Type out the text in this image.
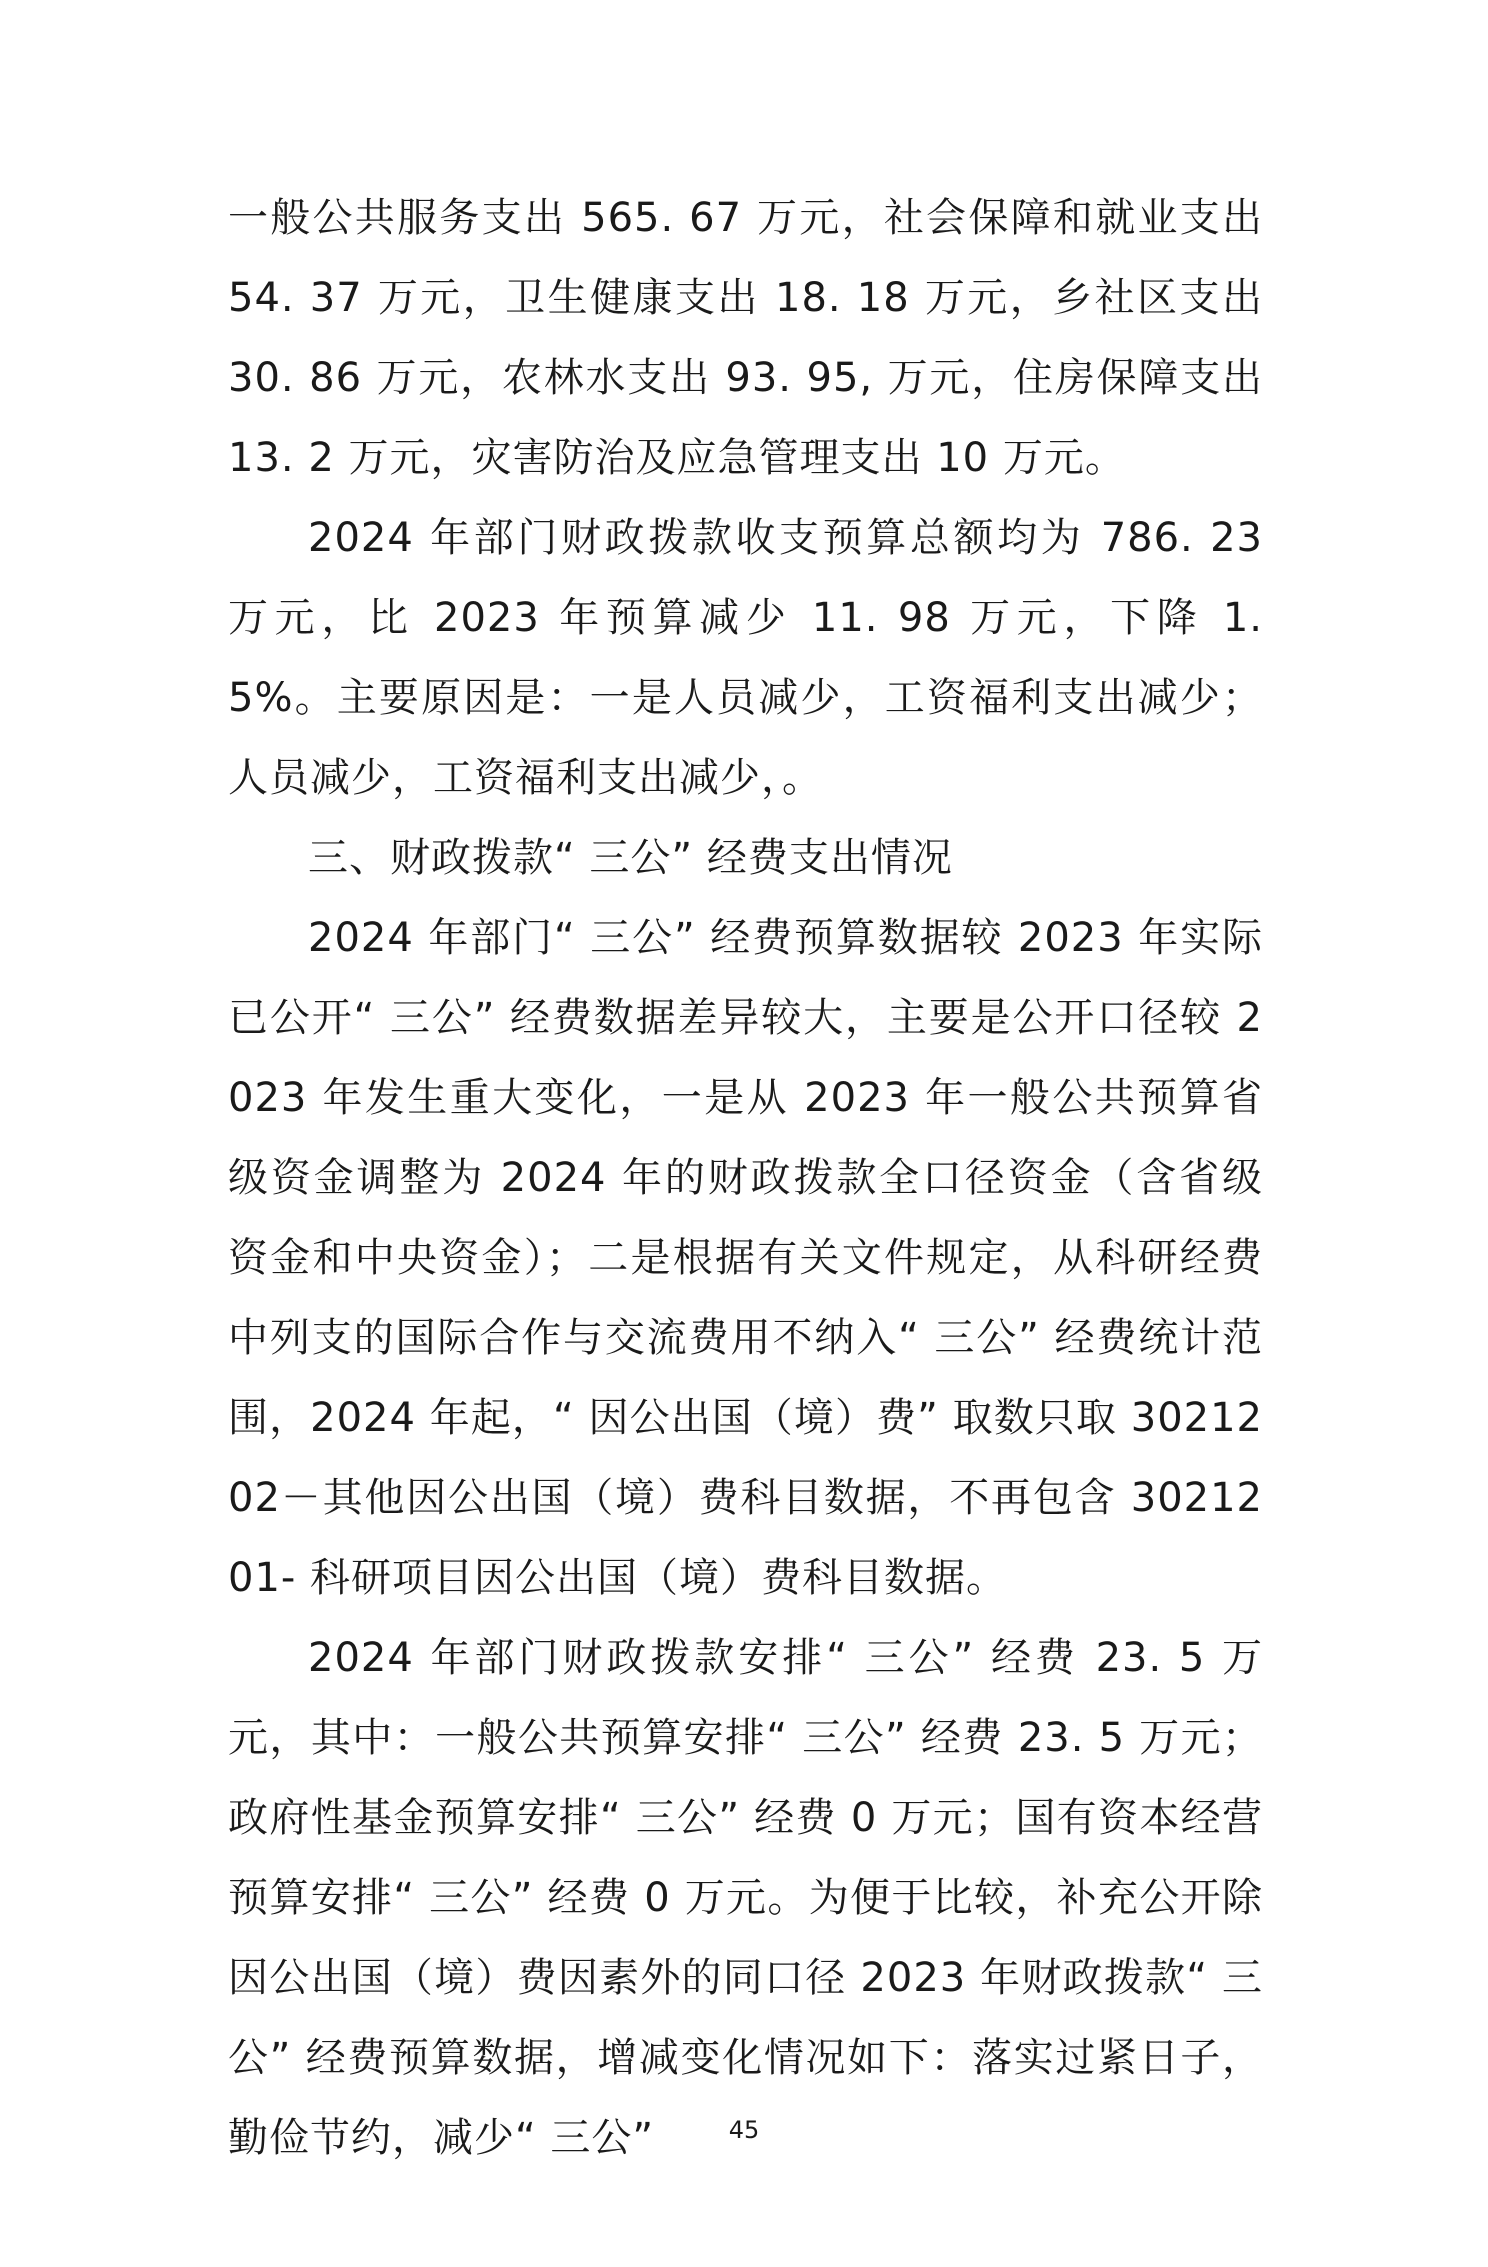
一般公共服务支出 565. 67 万元，社会保障和就业支出 54. 37 万元，卫生健康支出 18. 18 万元，乡社区支出 30. 86 万元，农林水支出 93. 95, 万元，住房保障支出 13. 2 万元，灾害防治及应急管理支出 10 万元。

2024 年部门财政拨款收支预算总额均为 786. 23 万元，比 2023 年预算减少 11. 98 万元，下降 1. 5%。主要原因是：一是人员减少，工资福利支出减少；人员减少，工资福利支出减少，。

三、财政拨款“ 三公” 经费支出情况

2024 年部门“ 三公” 经费预算数据较 2023 年实际已公开“ 三公” 经费数据差异较大，主要是公开口径较 2023 年发生重大变化，一是从 2023 年一般公共预算省级资金调整为 2024 年的财政拨款全口径资金（含省级资金和中央资金）；二是根据有关文件规定，从科研经费中列支的国际合作与交流费用不纳入“ 三公” 经费统计范围，2024 年起，“ 因公出国（境）费” 取数只取 3021202－其他因公出国（境）费科目数据，不再包含 3021201- 科研项目因公出国（境）费科目数据。

2024 年部门财政拨款安排“ 三公” 经费 23. 5 万元，其中：一般公共预算安排“ 三公” 经费 23. 5 万元；政府性基金预算安排“ 三公” 经费 0 万元；国有资本经营预算安排“ 三公” 经费 0 万元。为便于比较，补充公开除因公出国（境）费因素外的同口径 2023 年财政拨款“ 三公” 经费预算数据，增减变化情况如下：落实过紧日子，勤俭节约，减少“ 三公”	45
